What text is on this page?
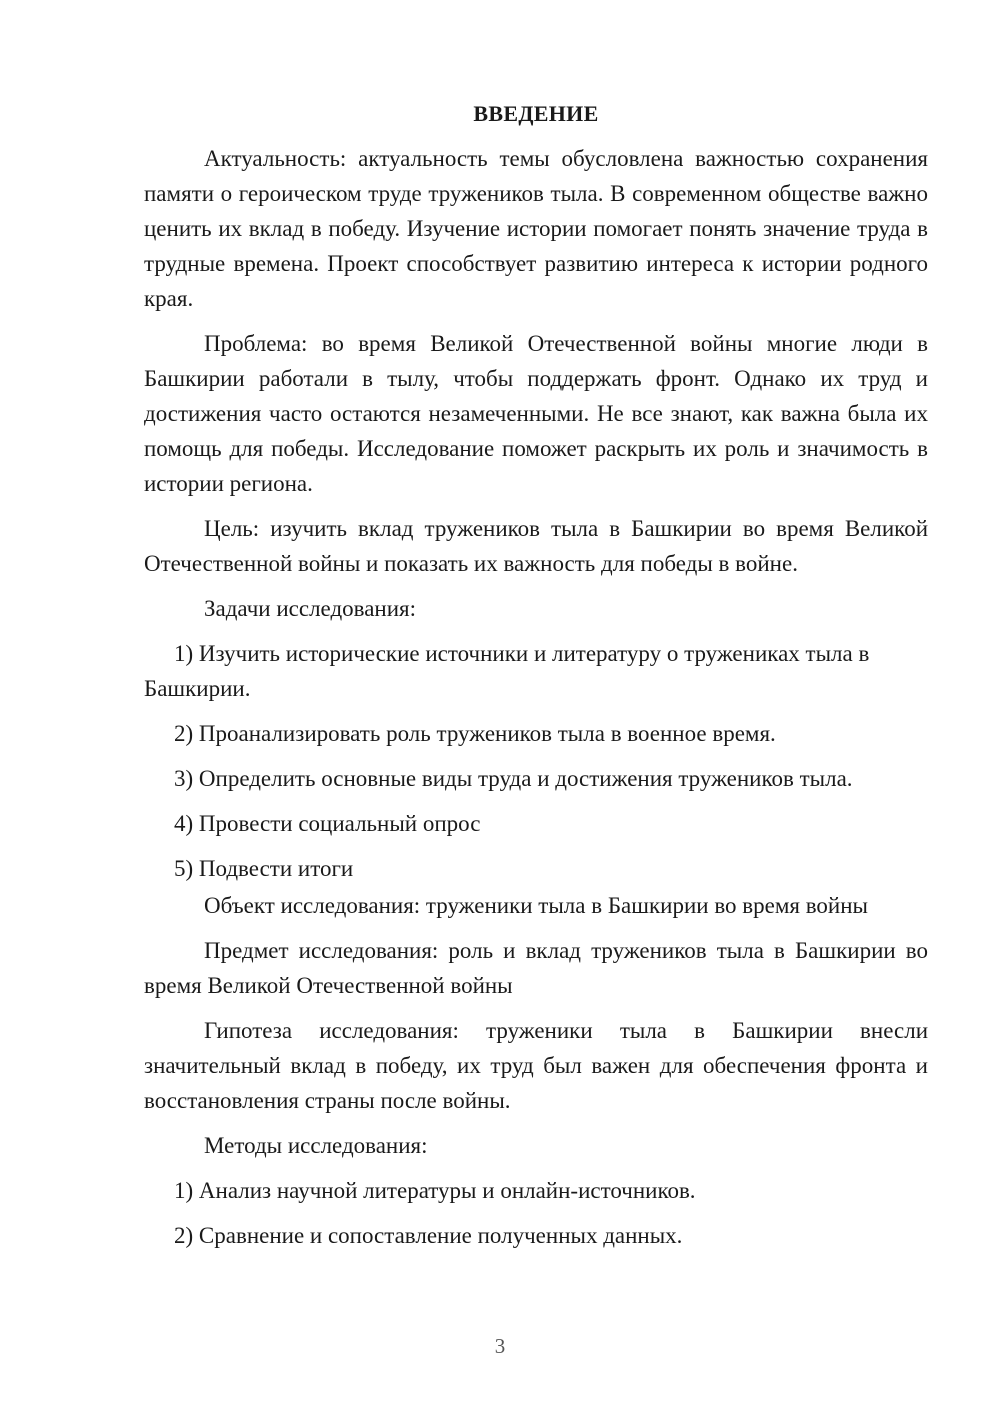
ВВЕДЕНИЕ

Актуальность: актуальность темы обусловлена важностью сохранения памяти о героическом труде тружеников тыла. В современном обществе важно ценить их вклад в победу. Изучение истории помогает понять значение труда в трудные времена. Проект способствует развитию интереса к истории родного края.

Проблема: во время Великой Отечественной войны многие люди в Башкирии работали в тылу, чтобы поддержать фронт. Однако их труд и достижения часто остаются незамеченными. Не все знают, как важна была их помощь для победы. Исследование поможет раскрыть их роль и значимость в истории региона.

Цель: изучить вклад тружеников тыла в Башкирии во время Великой Отечественной войны и показать их важность для победы в войне.

Задачи исследования:

1) Изучить исторические источники и литературу о тружениках тыла в Башкирии.

2) Проанализировать роль тружеников тыла в военное время.

3) Определить основные виды труда и достижения тружеников тыла.

4) Провести социальный опрос

5) Подвести итоги

Объект исследования: труженики тыла в Башкирии во время войны

Предмет исследования: роль и вклад тружеников тыла в Башкирии во время Великой Отечественной войны

Гипотеза исследования: труженики тыла в Башкирии внесли значительный вклад в победу, их труд был важен для обеспечения фронта и восстановления страны после войны.

Методы исследования:

1) Анализ научной литературы и онлайн-источников.

2) Сравнение и сопоставление полученных данных.

3
